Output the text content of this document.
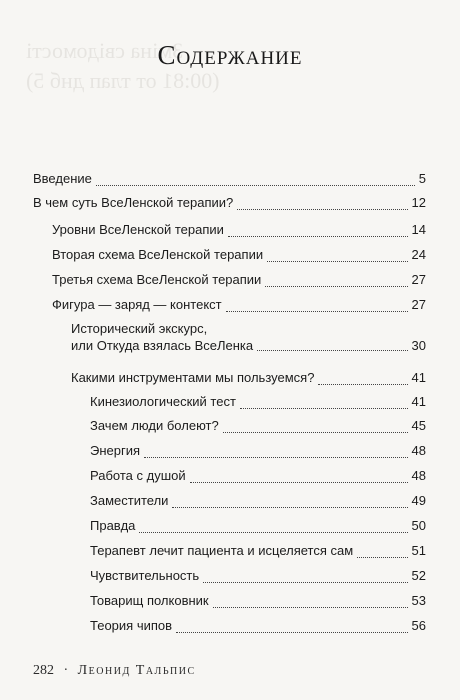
Зміна свідомості
(00:81 от тлап днб 5)
Содержание
Введение	5
В чем суть ВсеЛенской терапии?	12
Уровни ВсеЛенской терапии	14
Вторая схема ВсеЛенской терапии	24
Третья схема ВсеЛенской терапии	27
Фигура — заряд — контекст	27
Исторический экскурс,
или Откуда взялась ВсеЛенка	30
Какими инструментами мы пользуемся?	41
Кинезиологический тест	41
Зачем люди болеют?	45
Энергия	48
Работа с душой	48
Заместители	49
Правда	50
Терапевт лечит пациента и исцеляется сам	51
Чувствительность	52
Товарищ полковник	53
Теория чипов	56
282 · Леонид Тальпис
